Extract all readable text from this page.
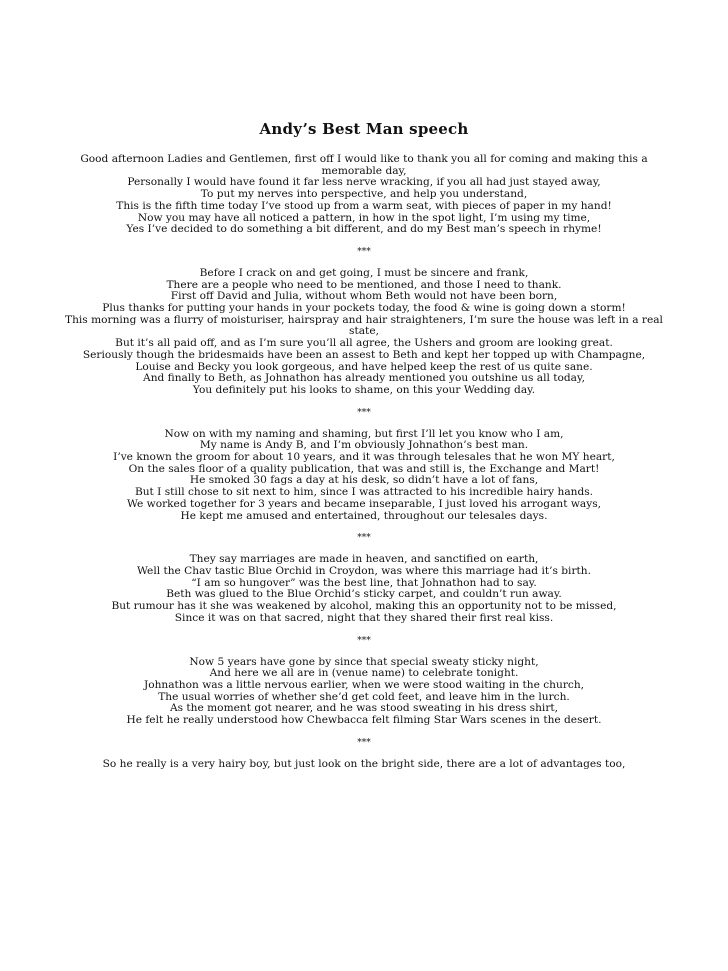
Andy’s Best Man speech
Good afternoon Ladies and Gentlemen, first off I would like to thank you all for coming and making this a memorable day,
Personally I would have found it far less nerve wracking, if you all had just stayed away,
To put my nerves into perspective, and help you understand,
This is the fifth time today I’ve stood up from a warm seat, with pieces of paper in my hand!
Now you may have all noticed a pattern, in how in the spot light, I’m using my time,
Yes I’ve decided to do something a bit different, and do my Best man’s speech in rhyme!
***
Before I crack on and get going, I must be sincere and frank,
There are a people who need to be mentioned, and those I need to thank.
First off David and Julia, without whom Beth would not have been born,
Plus thanks for putting your hands in your pockets today, the food & wine is going down a storm!
This morning was a flurry of moisturiser, hairspray and hair straighteners, I’m sure the house was left in a real state,
But it’s all paid off, and as I’m sure you’ll all agree, the Ushers and groom are looking great.
Seriously though the bridesmaids have been an assest to Beth and kept her topped up with Champagne,
Louise and Becky you look gorgeous, and have helped keep the rest of us quite sane.
And finally to Beth, as Johnathon has already mentioned you outshine us all today,
You definitely put his looks to shame, on this your Wedding day.
***
Now on with my naming and shaming, but first I’ll let you know who I am,
My name is Andy B, and I’m obviously Johnathon’s best man.
I’ve known the groom for about 10 years, and it was through telesales that he won MY heart,
On the sales floor of a quality publication, that was and still is, the Exchange and Mart!
He smoked 30 fags a day at his desk, so didn’t have a lot of fans,
But I still chose to sit next to him, since I was attracted to his incredible hairy hands.
We worked together for 3 years and became inseparable, I just loved his arrogant ways,
He kept me amused and entertained, throughout our telesales days.
***
They say marriages are made in heaven, and sanctified on earth,
Well the Chav tastic Blue Orchid in Croydon, was where this marriage had it’s birth.
“I am so hungover” was the best line, that Johnathon had to say.
Beth was glued to the Blue Orchid’s sticky carpet, and couldn’t run away.
But rumour has it she was weakened by alcohol, making this an opportunity not to be missed,
Since it was on that sacred, night that they shared their first real kiss.
***
Now 5 years have gone by since that special sweaty sticky night,
And here we all are in (venue name) to celebrate tonight.
Johnathon was a little nervous earlier, when we were stood waiting in the church,
The usual worries of whether she’d get cold feet, and leave him in the lurch.
As the moment got nearer, and he was stood sweating in his dress shirt,
He felt he really understood how Chewbacca felt filming Star Wars scenes in the desert.
***
So he really is a very hairy boy, but just look on the bright side, there are a lot of advantages too,
